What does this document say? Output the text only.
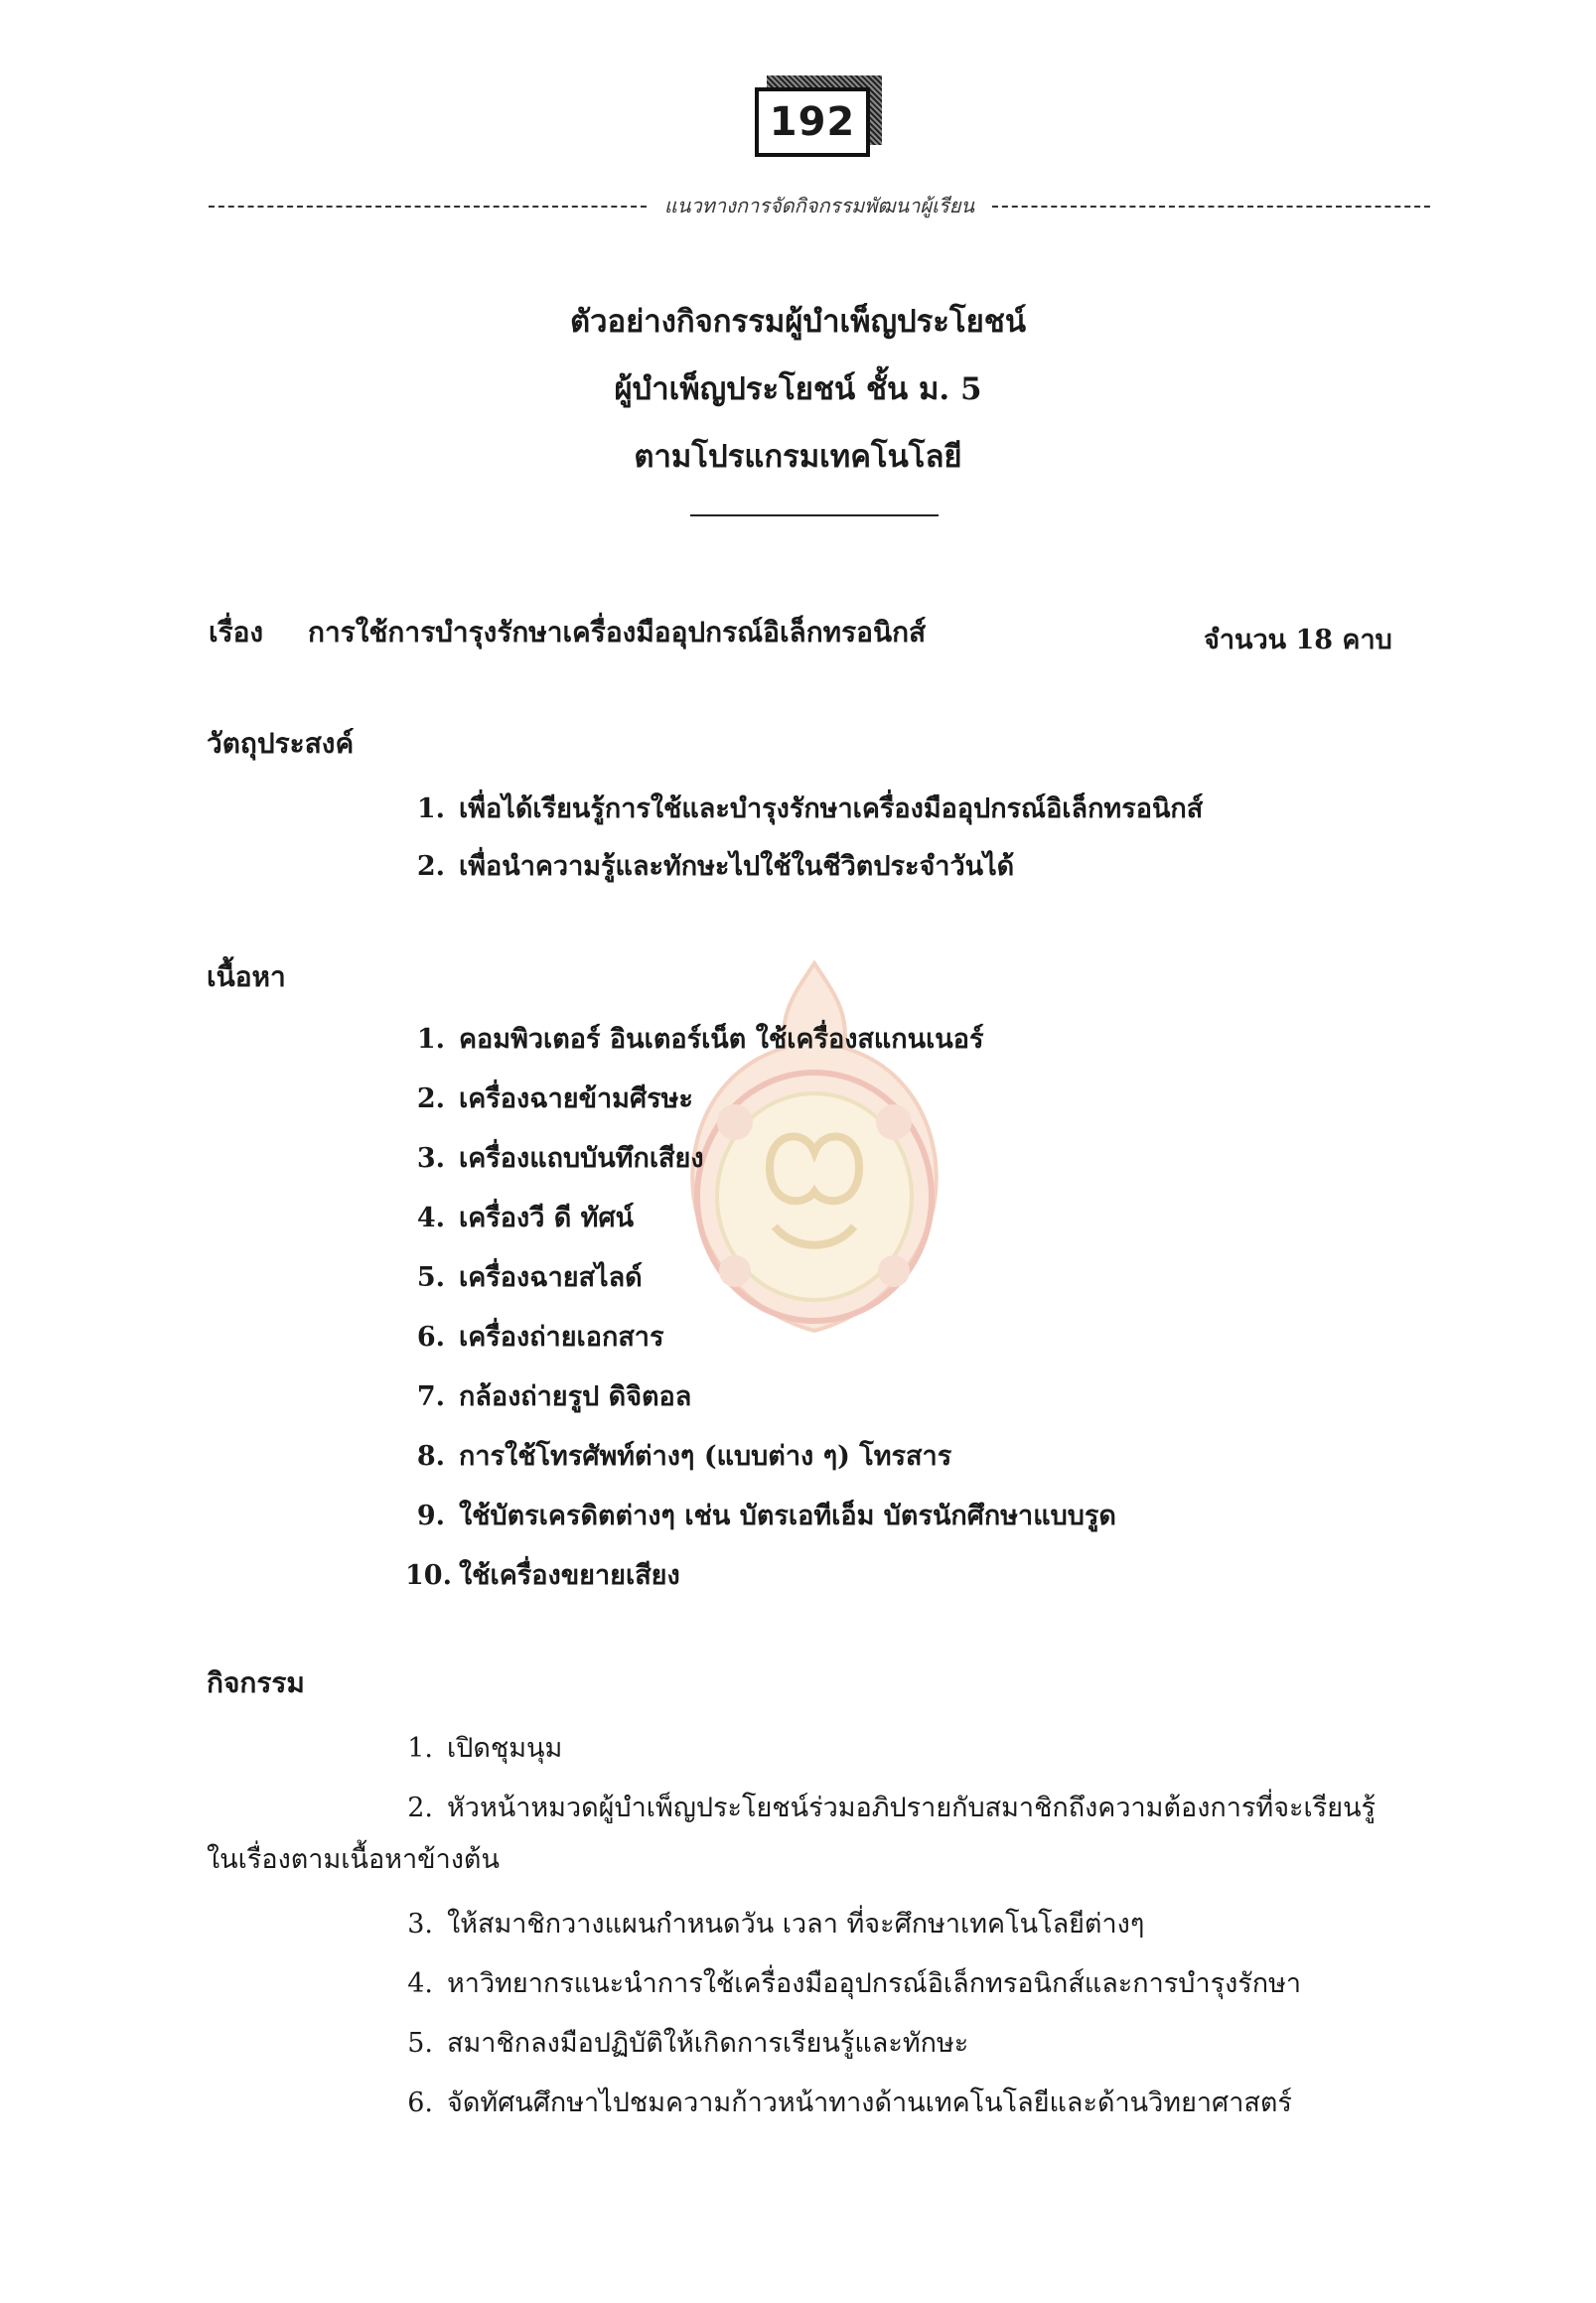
192
แนวทางการจัดกิจกรรมพัฒนาผู้เรียน
ตัวอย่างกิจกรรมผู้บำเพ็ญประโยชน์
ผู้บำเพ็ญประโยชน์ ชั้น ม. 5
ตามโปรแกรมเทคโนโลยี
เรื่อง การใช้การบำรุงรักษาเครื่องมืออุปกรณ์อิเล็กทรอนิกส์	จำนวน 18 คาบ
วัตถุประสงค์
1. เพื่อได้เรียนรู้การใช้และบำรุงรักษาเครื่องมืออุปกรณ์อิเล็กทรอนิกส์
2. เพื่อนำความรู้และทักษะไปใช้ในชีวิตประจำวันได้
เนื้อหา
1. คอมพิวเตอร์ อินเตอร์เน็ต ใช้เครื่องสแกนเนอร์
2. เครื่องฉายข้ามศีรษะ
3. เครื่องแถบบันทึกเสียง
4. เครื่องวี ดี ทัศน์
5. เครื่องฉายสไลด์
6. เครื่องถ่ายเอกสาร
7. กล้องถ่ายรูป ดิจิตอล
8. การใช้โทรศัพท์ต่างๆ (แบบต่าง ๆ) โทรสาร
9. ใช้บัตรเครดิตต่างๆ เช่น บัตรเอทีเอ็ม บัตรนักศึกษาแบบรูด
10. ใช้เครื่องขยายเสียง
กิจกรรม
1. เปิดชุมนุม
2. หัวหน้าหมวดผู้บำเพ็ญประโยชน์ร่วมอภิปรายกับสมาชิกถึงความต้องการที่จะเรียนรู้
ในเรื่องตามเนื้อหาข้างต้น
3. ให้สมาชิกวางแผนกำหนดวัน เวลา ที่จะศึกษาเทคโนโลยีต่างๆ
4. หาวิทยากรแนะนำการใช้เครื่องมืออุปกรณ์อิเล็กทรอนิกส์และการบำรุงรักษา
5. สมาชิกลงมือปฏิบัติให้เกิดการเรียนรู้และทักษะ
6. จัดทัศนศึกษาไปชมความก้าวหน้าทางด้านเทคโนโลยีและด้านวิทยาศาสตร์
